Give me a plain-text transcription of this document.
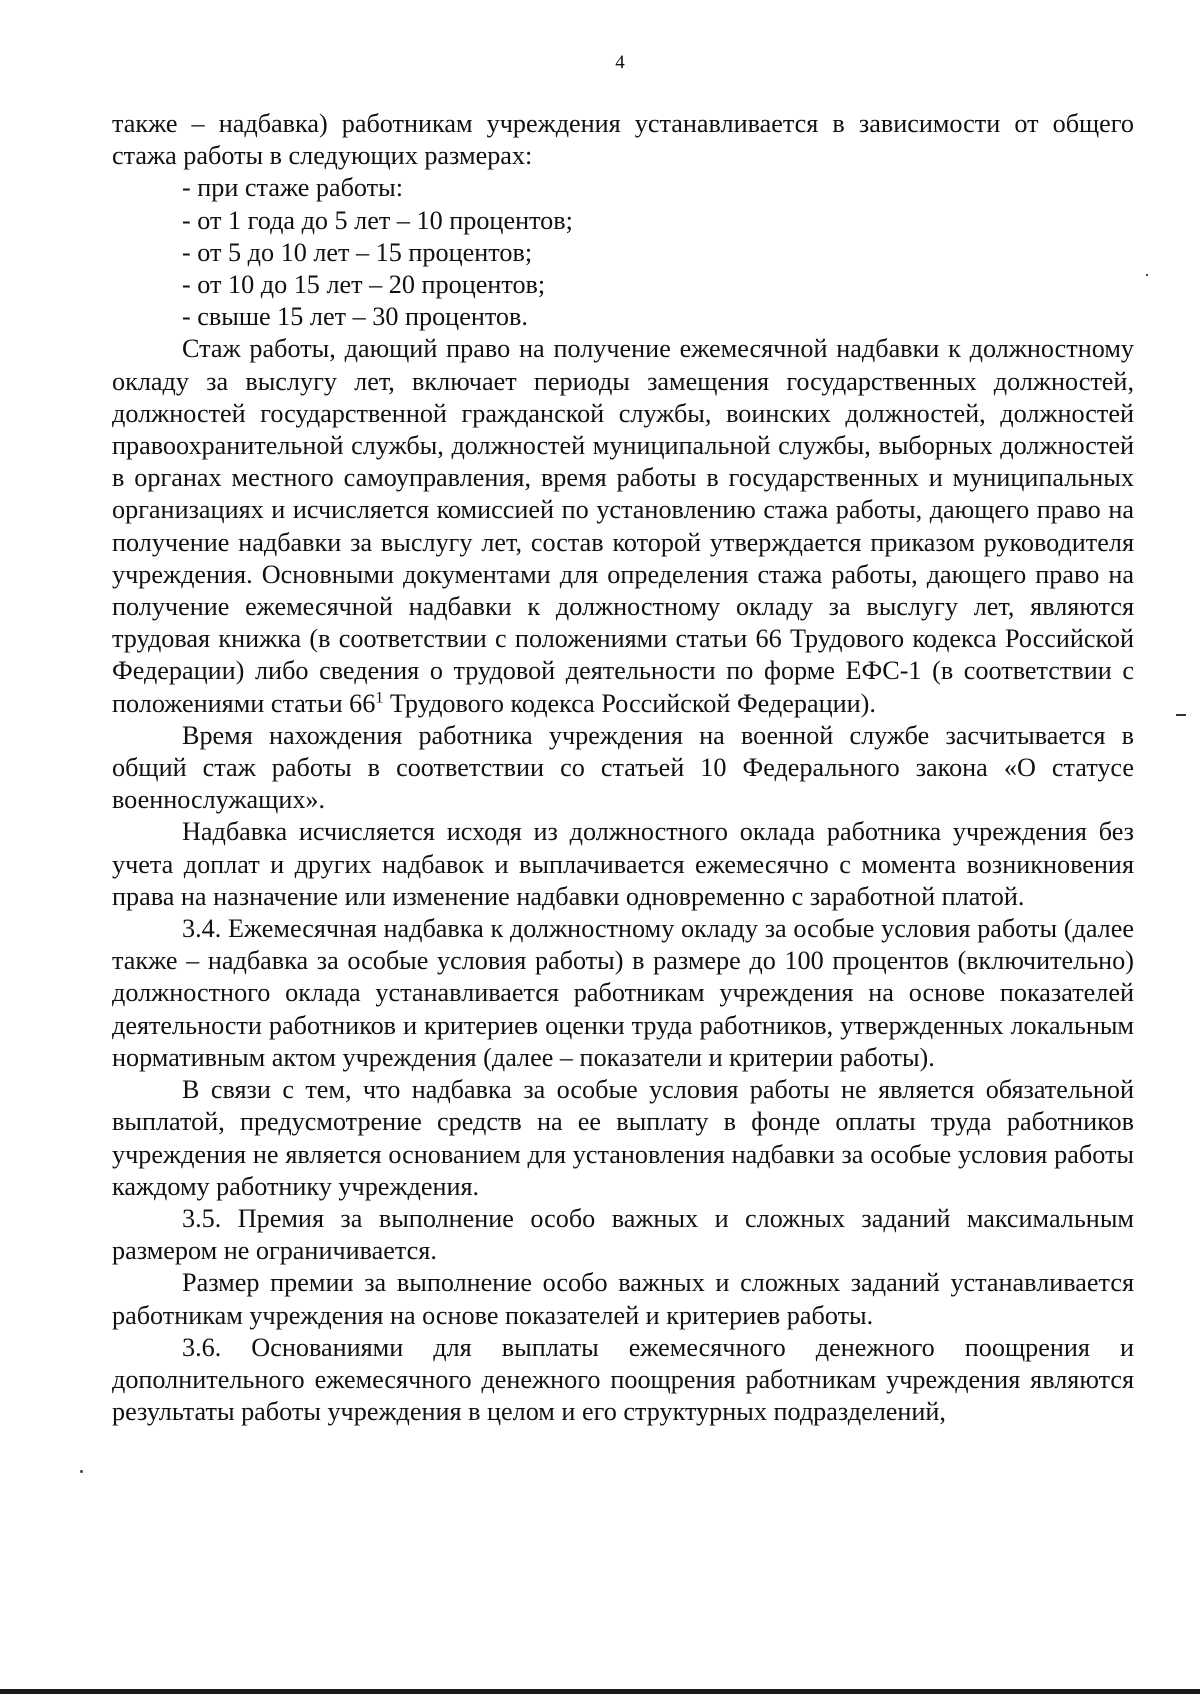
4

также – надбавка) работникам учреждения устанавливается в зависимости от общего стажа работы в следующих размерах:

- при стаже работы:

- от 1 года до 5 лет – 10 процентов;

- от 5 до 10 лет – 15 процентов;

- от 10 до 15 лет – 20 процентов;

- свыше 15 лет – 30 процентов.

Стаж работы, дающий право на получение ежемесячной надбавки к должностному окладу за выслугу лет, включает периоды замещения государственных должностей, должностей государственной гражданской службы, воинских должностей, должностей правоохранительной службы, должностей муниципальной службы, выборных должностей в органах местного самоуправления, время работы в государственных и муниципальных организациях и исчисляется комиссией по установлению стажа работы, дающего право на получение надбавки за выслугу лет, состав которой утверждается приказом руководителя учреждения. Основными документами для определения стажа работы, дающего право на получение ежемесячной надбавки к должностному окладу за выслугу лет, являются трудовая книжка (в соответствии с положениями статьи 66 Трудового кодекса Российской Федерации) либо сведения о трудовой деятельности по форме ЕФС-1 (в соответствии с положениями статьи $66^1$ Трудового кодекса Российской Федерации).

Время нахождения работника учреждения на военной службе засчитывается в общий стаж работы в соответствии со статьей 10 Федерального закона «О статусе военнослужащих».

Надбавка исчисляется исходя из должностного оклада работника учреждения без учета доплат и других надбавок и выплачивается ежемесячно с момента возникновения права на назначение или изменение надбавки одновременно с заработной платой.

3.4. Ежемесячная надбавка к должностному окладу за особые условия работы (далее также – надбавка за особые условия работы) в размере до 100 процентов (включительно) должностного оклада устанавливается работникам учреждения на основе показателей деятельности работников и критериев оценки труда работников, утвержденных локальным нормативным актом учреждения (далее – показатели и критерии работы).

В связи с тем, что надбавка за особые условия работы не является обязательной выплатой, предусмотрение средств на ее выплату в фонде оплаты труда работников учреждения не является основанием для установления надбавки за особые условия работы каждому работнику учреждения.

3.5. Премия за выполнение особо важных и сложных заданий максимальным размером не ограничивается.

Размер премии за выполнение особо важных и сложных заданий устанавливается работникам учреждения на основе показателей и критериев работы.

3.6. Основаниями для выплаты ежемесячного денежного поощрения и дополнительного ежемесячного денежного поощрения работникам учреждения являются результаты работы учреждения в целом и его структурных подразделений,
